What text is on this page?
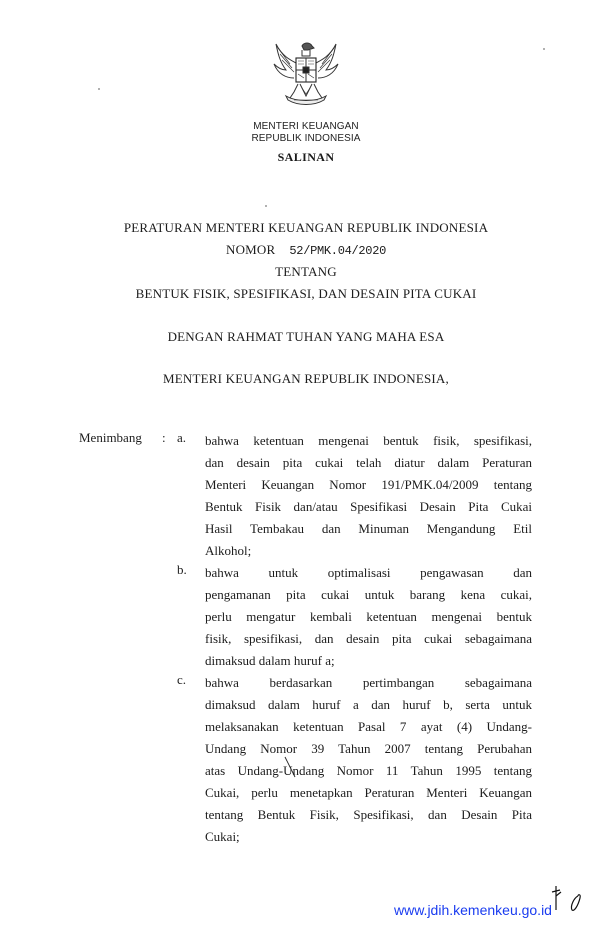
MENTERI KEUANGAN
REPUBLIK INDONESIA
SALINAN
PERATURAN MENTERI KEUANGAN REPUBLIK INDONESIA
NOMOR 52/PMK.04/2020
TENTANG
BENTUK FISIK, SPESIFIKASI, DAN DESAIN PITA CUKAI
DENGAN RAHMAT TUHAN YANG MAHA ESA
MENTERI KEUANGAN REPUBLIK INDONESIA,
Menimbang : a. bahwa ketentuan mengenai bentuk fisik, spesifikasi,
dan desain pita cukai telah diatur dalam Peraturan
Menteri Keuangan Nomor 191/PMK.04/2009 tentang
Bentuk Fisik dan/atau Spesifikasi Desain Pita Cukai
Hasil Tembakau dan Minuman Mengandung Etil
Alkohol;
b. bahwa untuk optimalisasi pengawasan dan
pengamanan pita cukai untuk barang kena cukai,
perlu mengatur kembali ketentuan mengenai bentuk
fisik, spesifikasi, dan desain pita cukai sebagaimana
dimaksud dalam huruf a;
c. bahwa berdasarkan pertimbangan sebagaimana
dimaksud dalam huruf a dan huruf b, serta untuk
melaksanakan ketentuan Pasal 7 ayat (4) Undang-
Undang Nomor 39 Tahun 2007 tentang Perubahan
atas Undang-Undang Nomor 11 Tahun 1995 tentang
Cukai, perlu menetapkan Peraturan Menteri Keuangan
tentang Bentuk Fisik, Spesifikasi, dan Desain Pita
Cukai;
www.jdih.kemenkeu.go.id
